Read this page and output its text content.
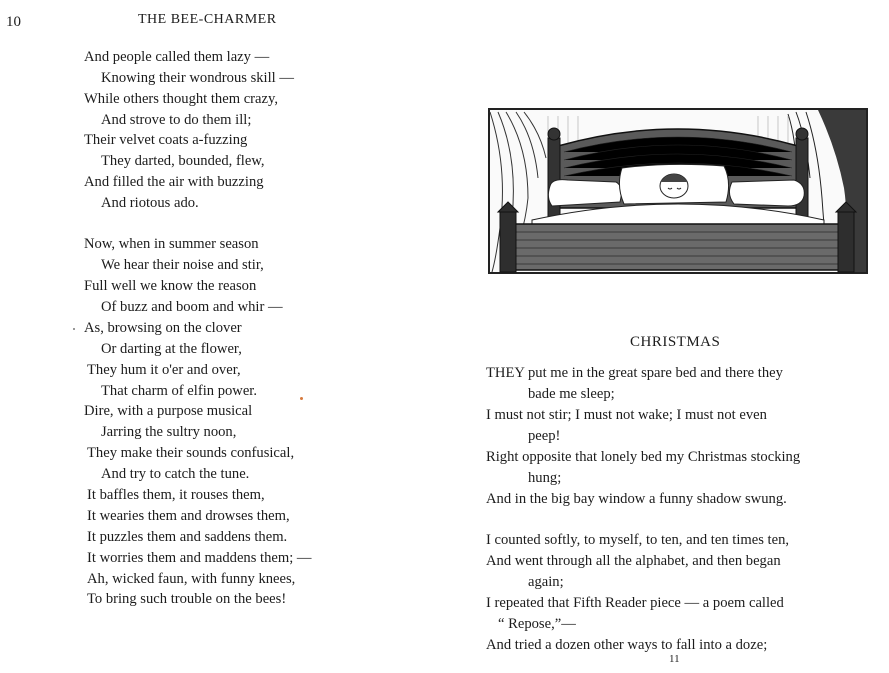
10	THE BEE-CHARMER
And people called them lazy —
Knowing their wondrous skill —
While others thought them crazy,
And strove to do them ill;
Their velvet coats a-fuzzing
They darted, bounded, flew,
And filled the air with buzzing
And riotous ado.
Now, when in summer season
We hear their noise and stir,
Full well we know the reason
Of buzz and boom and whir —
As, browsing on the clover
Or darting at the flower,
They hum it o'er and over,
That charm of elfin power.
Dire, with a purpose musical
Jarring the sultry noon,
They make their sounds confusical,
And try to catch the tune.
It baffles them, it rouses them,
It wearies them and drowses them,
It puzzles them and saddens them.
It worries them and maddens them; —
Ah, wicked faun, with funny knees,
To bring such trouble on the bees!
CHRISTMAS
THEY put me in the great spare bed and there they
bade me sleep;
I must not stir; I must not wake; I must not even
peep!
Right opposite that lonely bed my Christmas stocking
hung;
And in the big bay window a funny shadow swung.
I counted softly, to myself, to ten, and ten times ten,
And went through all the alphabet, and then began
again;
I repeated that Fifth Reader piece — a poem called
“ Repose,”—
And tried a dozen other ways to fall into a doze;
11
